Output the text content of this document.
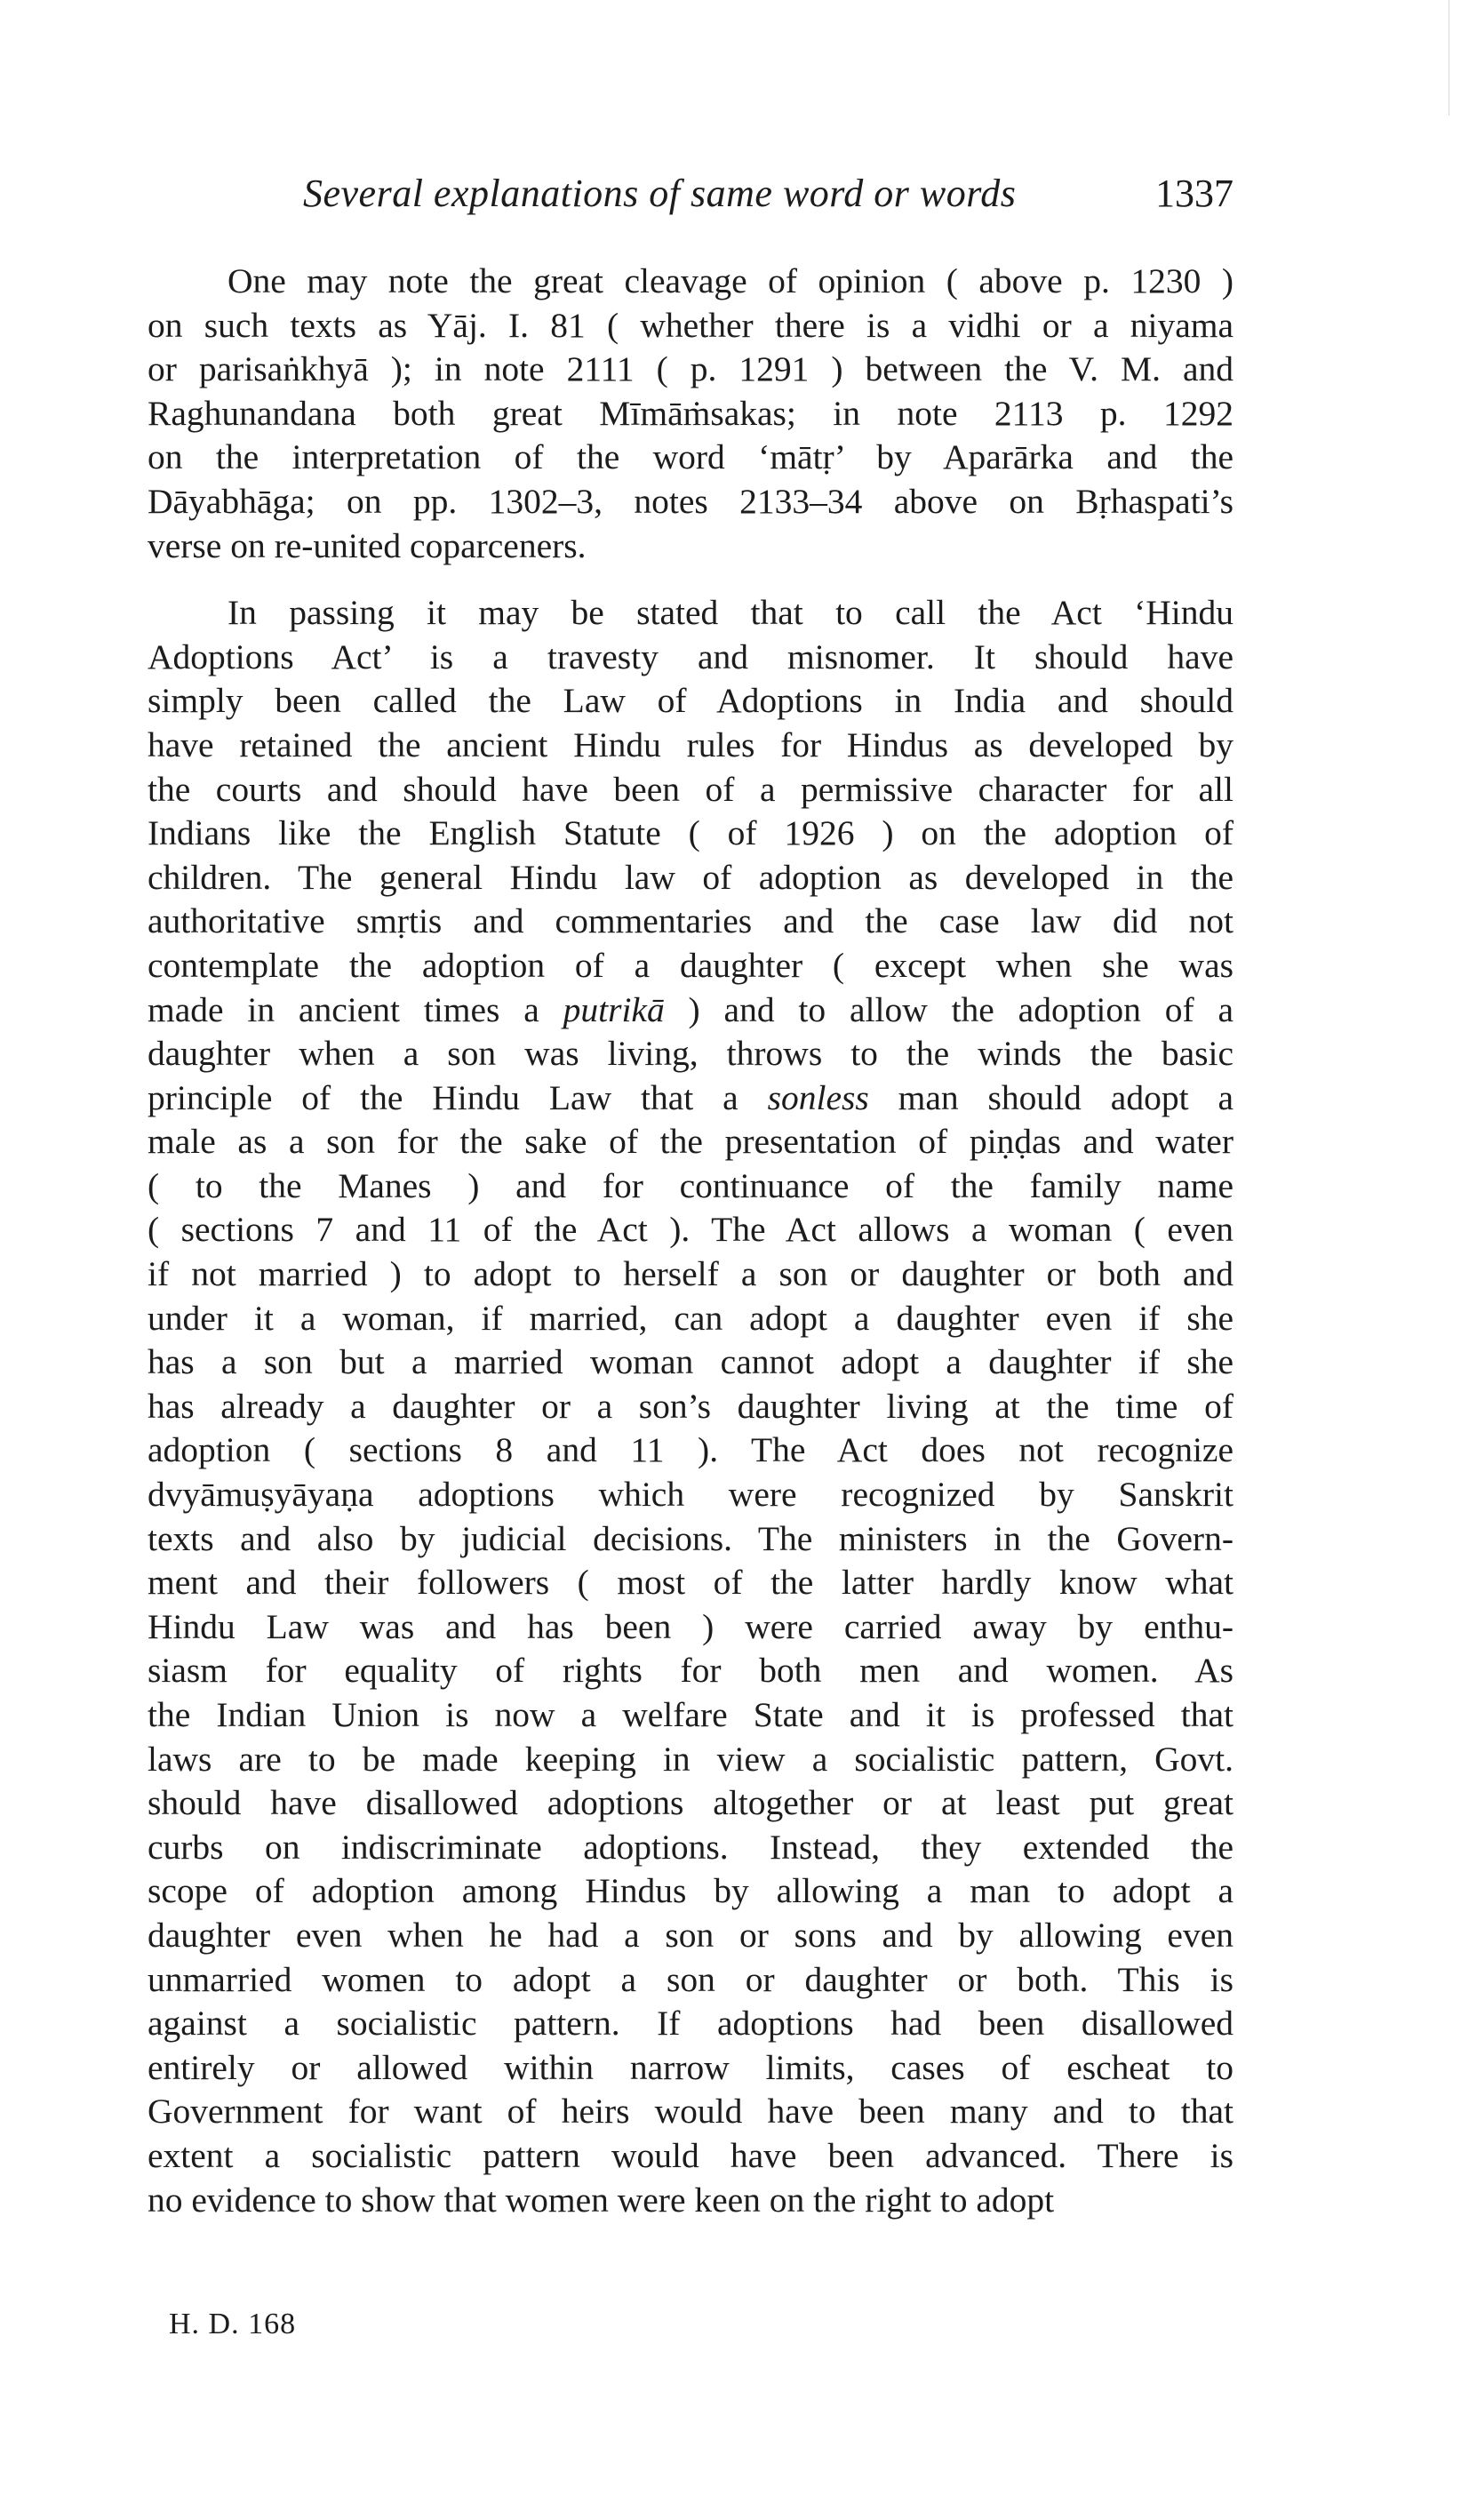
Several explanations of same word or words	1337
One may note the great cleavage of opinion ( above p. 1230 )
on such texts as Yāj. I. 81 ( whether there is a vidhi or a niyama
or parisaṅkhyā ); in note 2111 ( p. 1291 ) between the V. M. and
Raghunandana both great Mīmāṁsakas; in note 2113 p. 1292
on the interpretation of the word ‘mātṛ’ by Aparārka and the
Dāyabhāga; on pp. 1302–3, notes 2133–34 above on Bṛhaspati’s
verse on re-united coparceners.
In passing it may be stated that to call the Act ‘Hindu
Adoptions Act’ is a travesty and misnomer. It should have
simply been called the Law of Adoptions in India and should
have retained the ancient Hindu rules for Hindus as developed by
the courts and should have been of a permissive character for all
Indians like the English Statute ( of 1926 ) on the adoption of
children. The general Hindu law of adoption as developed in the
authoritative smṛtis and commentaries and the case law did not
contemplate the adoption of a daughter ( except when she was
made in ancient times a putrikā ) and to allow the adoption of a
daughter when a son was living, throws to the winds the basic
principle of the Hindu Law that a sonless man should adopt a
male as a son for the sake of the presentation of piṇḍas and water
( to the Manes ) and for continuance of the family name
( sections 7 and 11 of the Act ). The Act allows a woman ( even
if not married ) to adopt to herself a son or daughter or both and
under it a woman, if married, can adopt a daughter even if she
has a son but a married woman cannot adopt a daughter if she
has already a daughter or a son’s daughter living at the time of
adoption ( sections 8 and 11 ). The Act does not recognize
dvyāmuṣyāyaṇa adoptions which were recognized by Sanskrit
texts and also by judicial decisions. The ministers in the Govern-
ment and their followers ( most of the latter hardly know what
Hindu Law was and has been ) were carried away by enthu-
siasm for equality of rights for both men and women. As
the Indian Union is now a welfare State and it is professed that
laws are to be made keeping in view a socialistic pattern, Govt.
should have disallowed adoptions altogether or at least put great
curbs on indiscriminate adoptions. Instead, they extended the
scope of adoption among Hindus by allowing a man to adopt a
daughter even when he had a son or sons and by allowing even
unmarried women to adopt a son or daughter or both. This is
against a socialistic pattern. If adoptions had been disallowed
entirely or allowed within narrow limits, cases of escheat to
Government for want of heirs would have been many and to that
extent a socialistic pattern would have been advanced. There is
no evidence to show that women were keen on the right to adopt
H. D. 168
